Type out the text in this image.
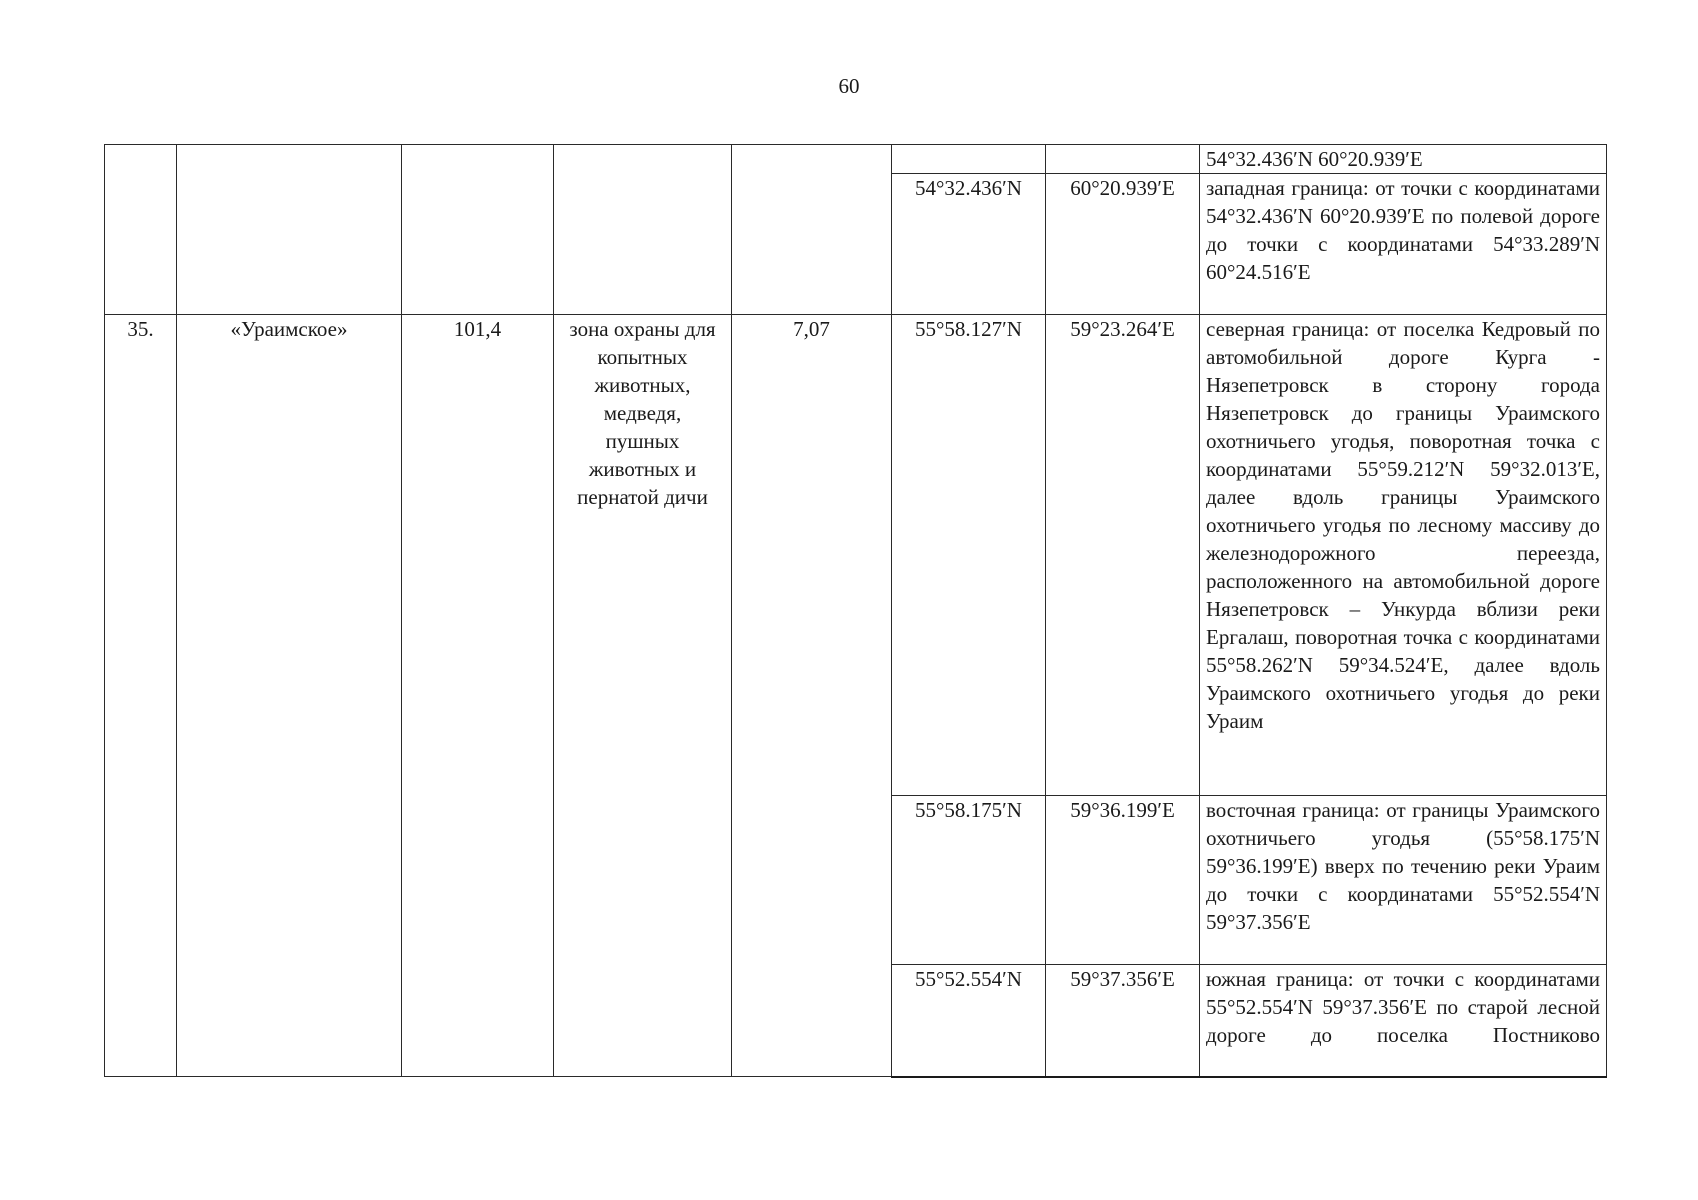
60
							54°32.436′N 60°20.939′E
					54°32.436′N	60°20.939′E	западная граница: от точки с координатами 54°32.436′N 60°20.939′E по полевой дороге до точки с координатами 54°33.289′N 60°24.516′E
35.	«Ураимское»	101,4	зона охраны для копытных животных, медведя, пушных животных и пернатой дичи	7,07	55°58.127′N	59°23.264′E	северная граница: от поселка Кедровый по автомобильной дороге Курга - Нязепетровск в сторону города Нязепетровск до границы Ураимского охотничьего угодья, поворотная точка с координатами 55°59.212′N 59°32.013′E, далее вдоль границы Ураимского охотничьего угодья по лесному массиву до железнодорожного переезда, расположенного на автомобильной дороге Нязепетровск – Ункурда вблизи реки Ергалаш, поворотная точка с координатами 55°58.262′N 59°34.524′E, далее вдоль Ураимского охотничьего угодья до реки Ураим
					55°58.175′N	59°36.199′E	восточная граница: от границы Ураимского охотничьего угодья (55°58.175′N 59°36.199′E) вверх по течению реки Ураим до точки с координатами 55°52.554′N 59°37.356′E
					55°52.554′N	59°37.356′E	южная граница: от точки с координатами 55°52.554′N 59°37.356′E по старой лесной дороге до поселка Постниково
